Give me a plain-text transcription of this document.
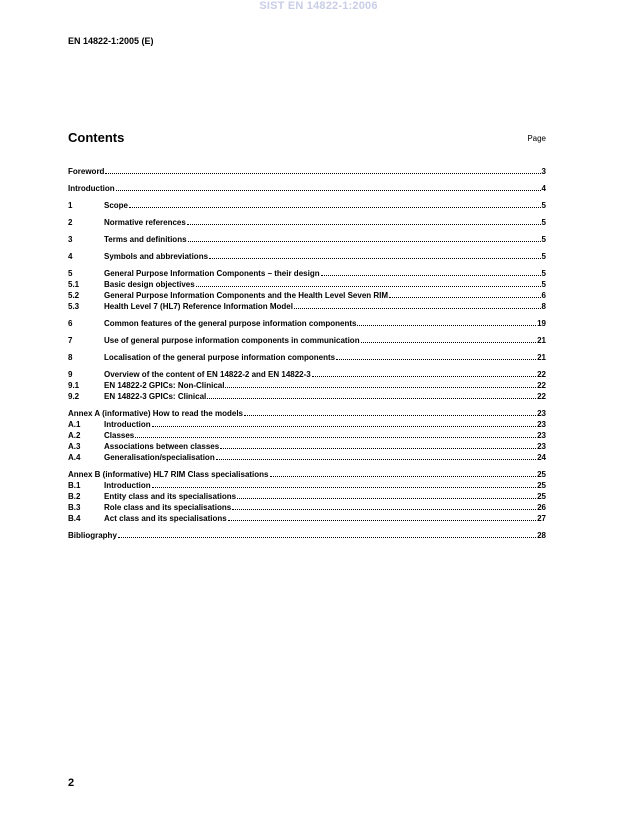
SIST EN 14822-1:2006
EN 14822-1:2005 (E)
Contents	Page
Foreword	3
Introduction	4
1	Scope	5
2	Normative references	5
3	Terms and definitions	5
4	Symbols and abbreviations	5
5	General Purpose Information Components – their design	5
5.1	Basic design objectives	5
5.2	General Purpose Information Components and the Health Level Seven RIM	6
5.3	Health Level 7 (HL7) Reference Information Model	8
6	Common features of the general purpose information components	19
7	Use of general purpose information components in communication	21
8	Localisation of the general purpose information components	21
9	Overview of the content of EN 14822-2 and EN 14822-3	22
9.1	EN 14822-2 GPICs: Non-Clinical	22
9.2	EN 14822-3 GPICs: Clinical	22
Annex A (informative) How to read the models	23
A.1	Introduction	23
A.2	Classes	23
A.3	Associations between classes	23
A.4	Generalisation/specialisation	24
Annex B (informative) HL7 RIM Class specialisations	25
B.1	Introduction	25
B.2	Entity class and its specialisations	25
B.3	Role class and its specialisations	26
B.4	Act class and its specialisations	27
Bibliography	28
2
